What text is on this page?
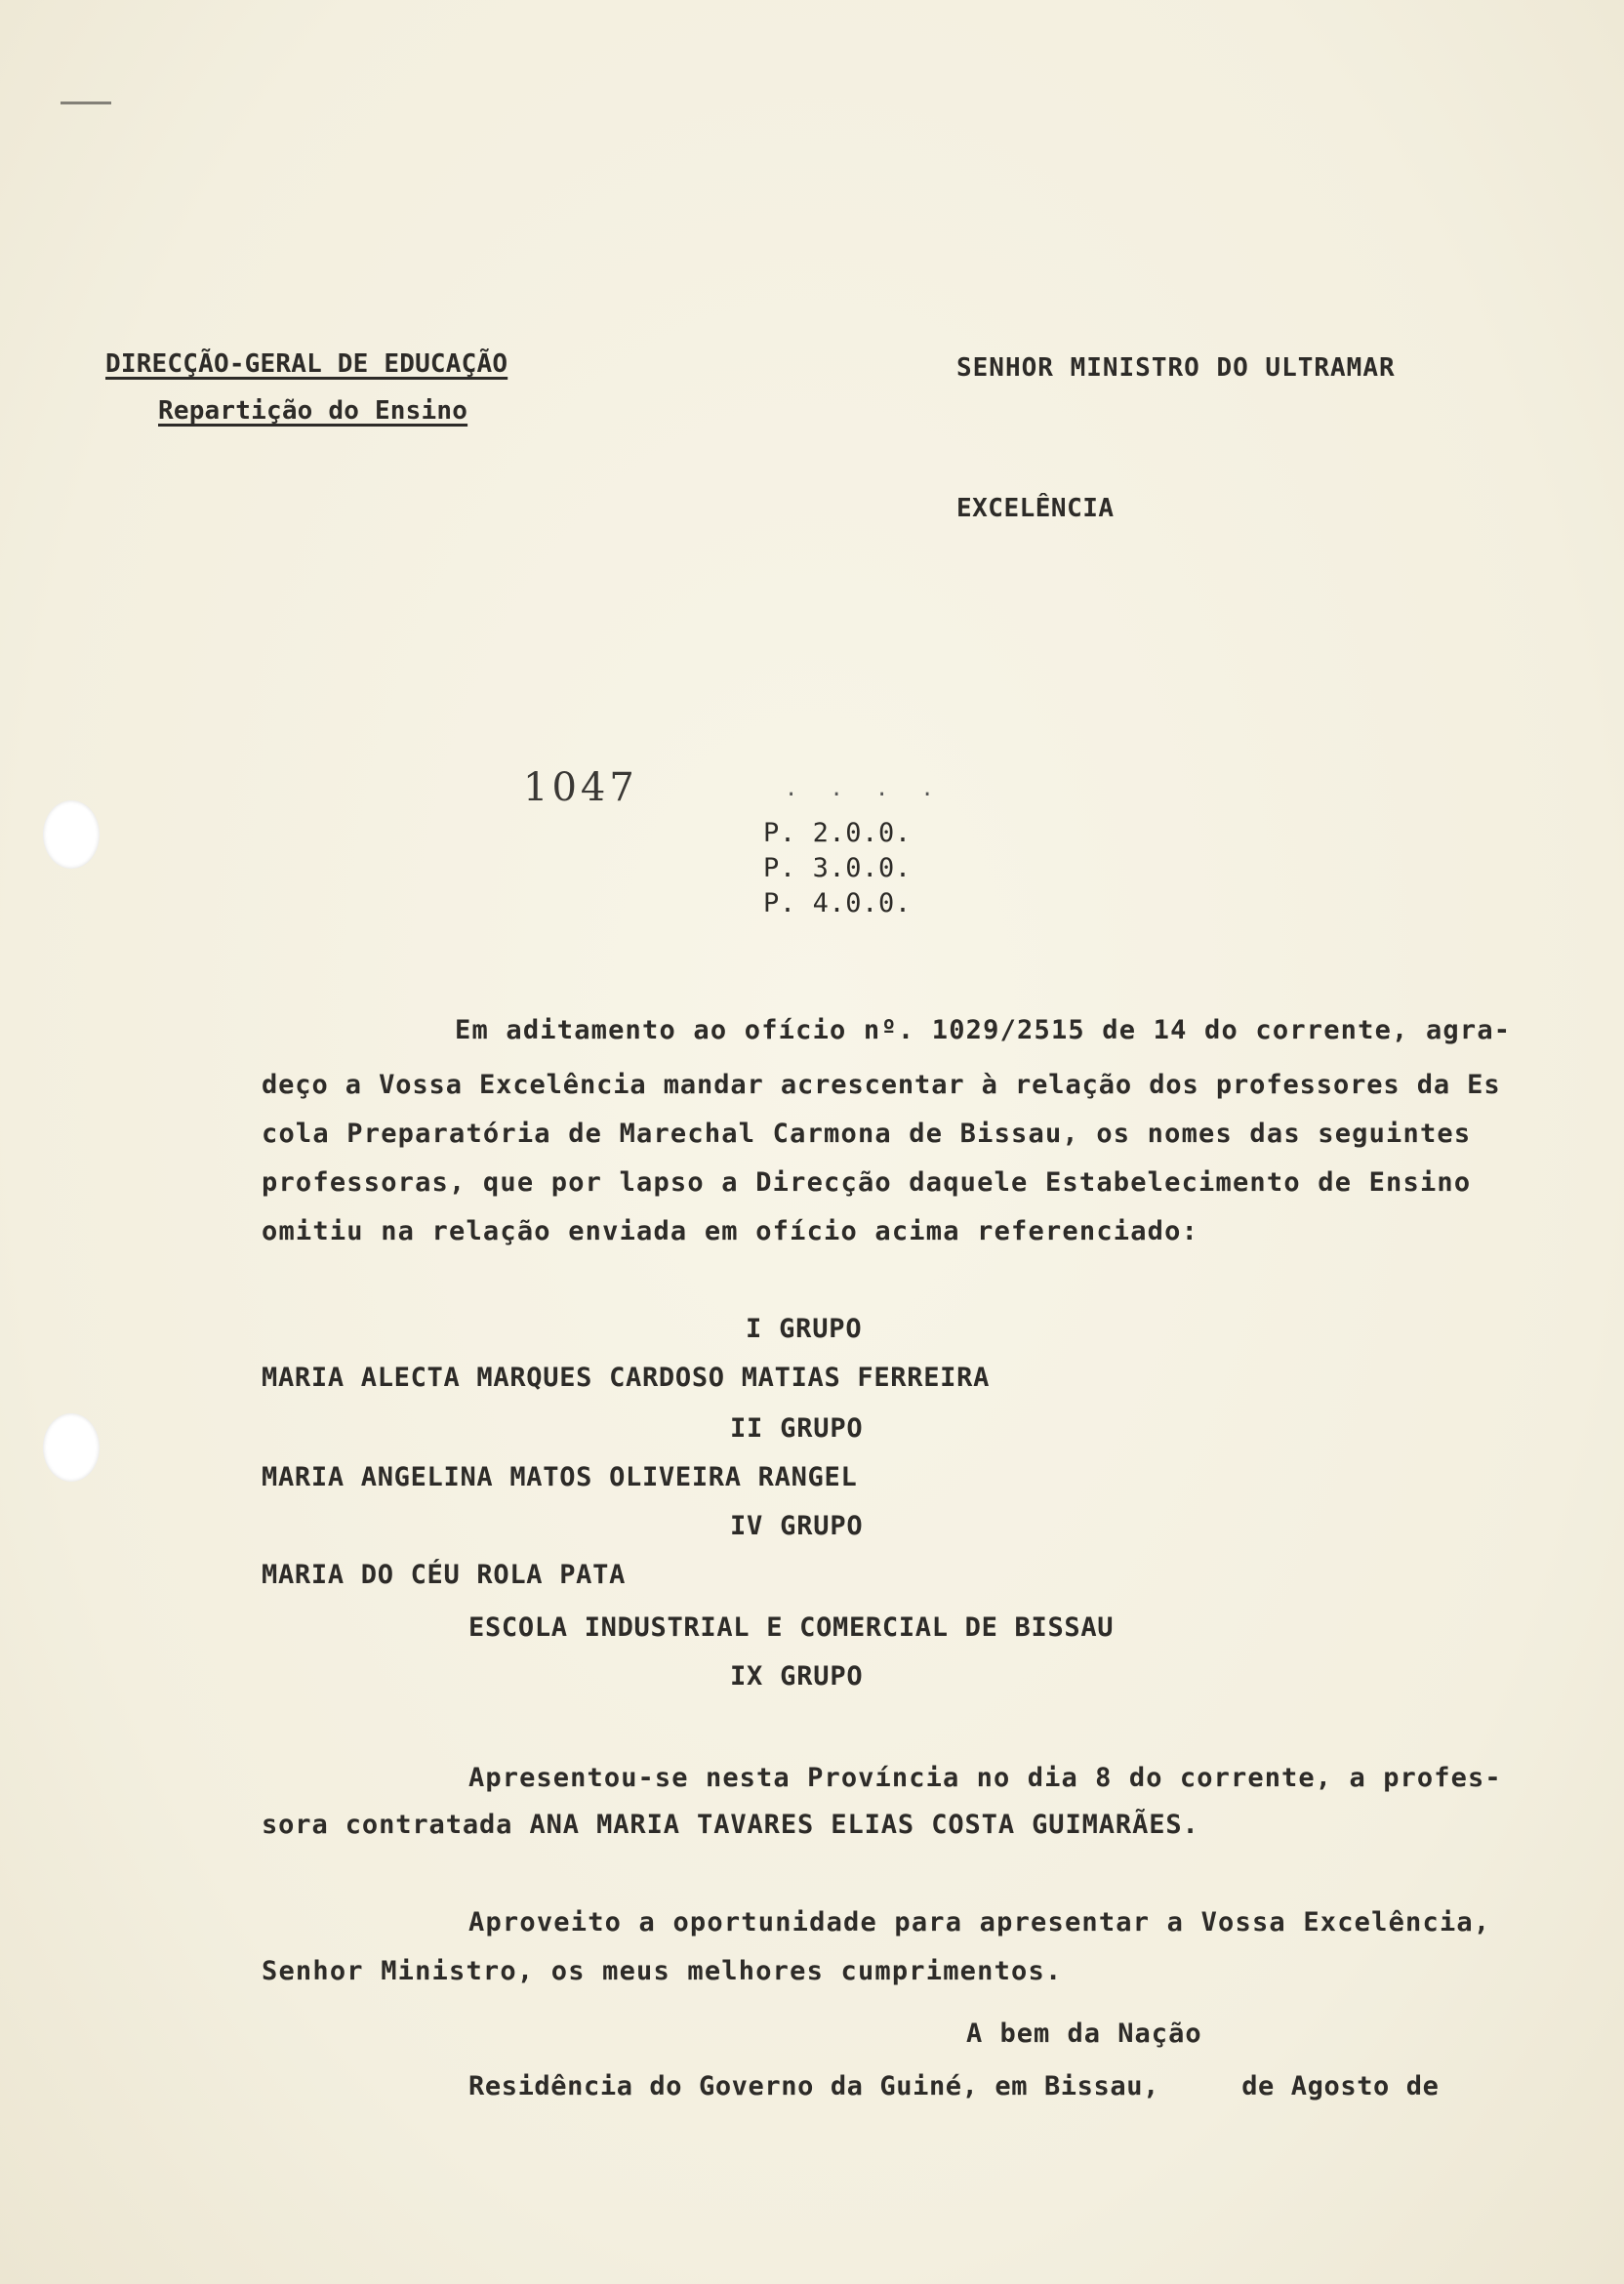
DIRECÇÃO-GERAL DE EDUCAÇÃO
Repartição do Ensino
SENHOR MINISTRO DO ULTRAMAR
EXCELÊNCIA
1047	. . . .
P. 2.0.0.
P. 3.0.0.
P. 4.0.0.
Em aditamento ao ofício nº. 1029/2515 de 14 do corrente, agra-
deço a Vossa Excelência mandar acrescentar à relação dos professores da Es
cola Preparatória de Marechal Carmona de Bissau, os nomes das seguintes
professoras, que por lapso a Direcção daquele Estabelecimento de Ensino
omitiu na relação enviada em ofício acima referenciado:
I GRUPO
MARIA ALECTA MARQUES CARDOSO MATIAS FERREIRA
II GRUPO
MARIA ANGELINA MATOS OLIVEIRA RANGEL
IV GRUPO
MARIA DO CÉU ROLA PATA
ESCOLA INDUSTRIAL E COMERCIAL DE BISSAU
IX GRUPO
Apresentou-se nesta Província no dia 8 do corrente, a profes-
sora contratada ANA MARIA TAVARES ELIAS COSTA GUIMARÃES.
Aproveito a oportunidade para apresentar a Vossa Excelência,
Senhor Ministro, os meus melhores cumprimentos.
A bem da Nação
Residência do Governo da Guiné, em Bissau,     de Agosto de
